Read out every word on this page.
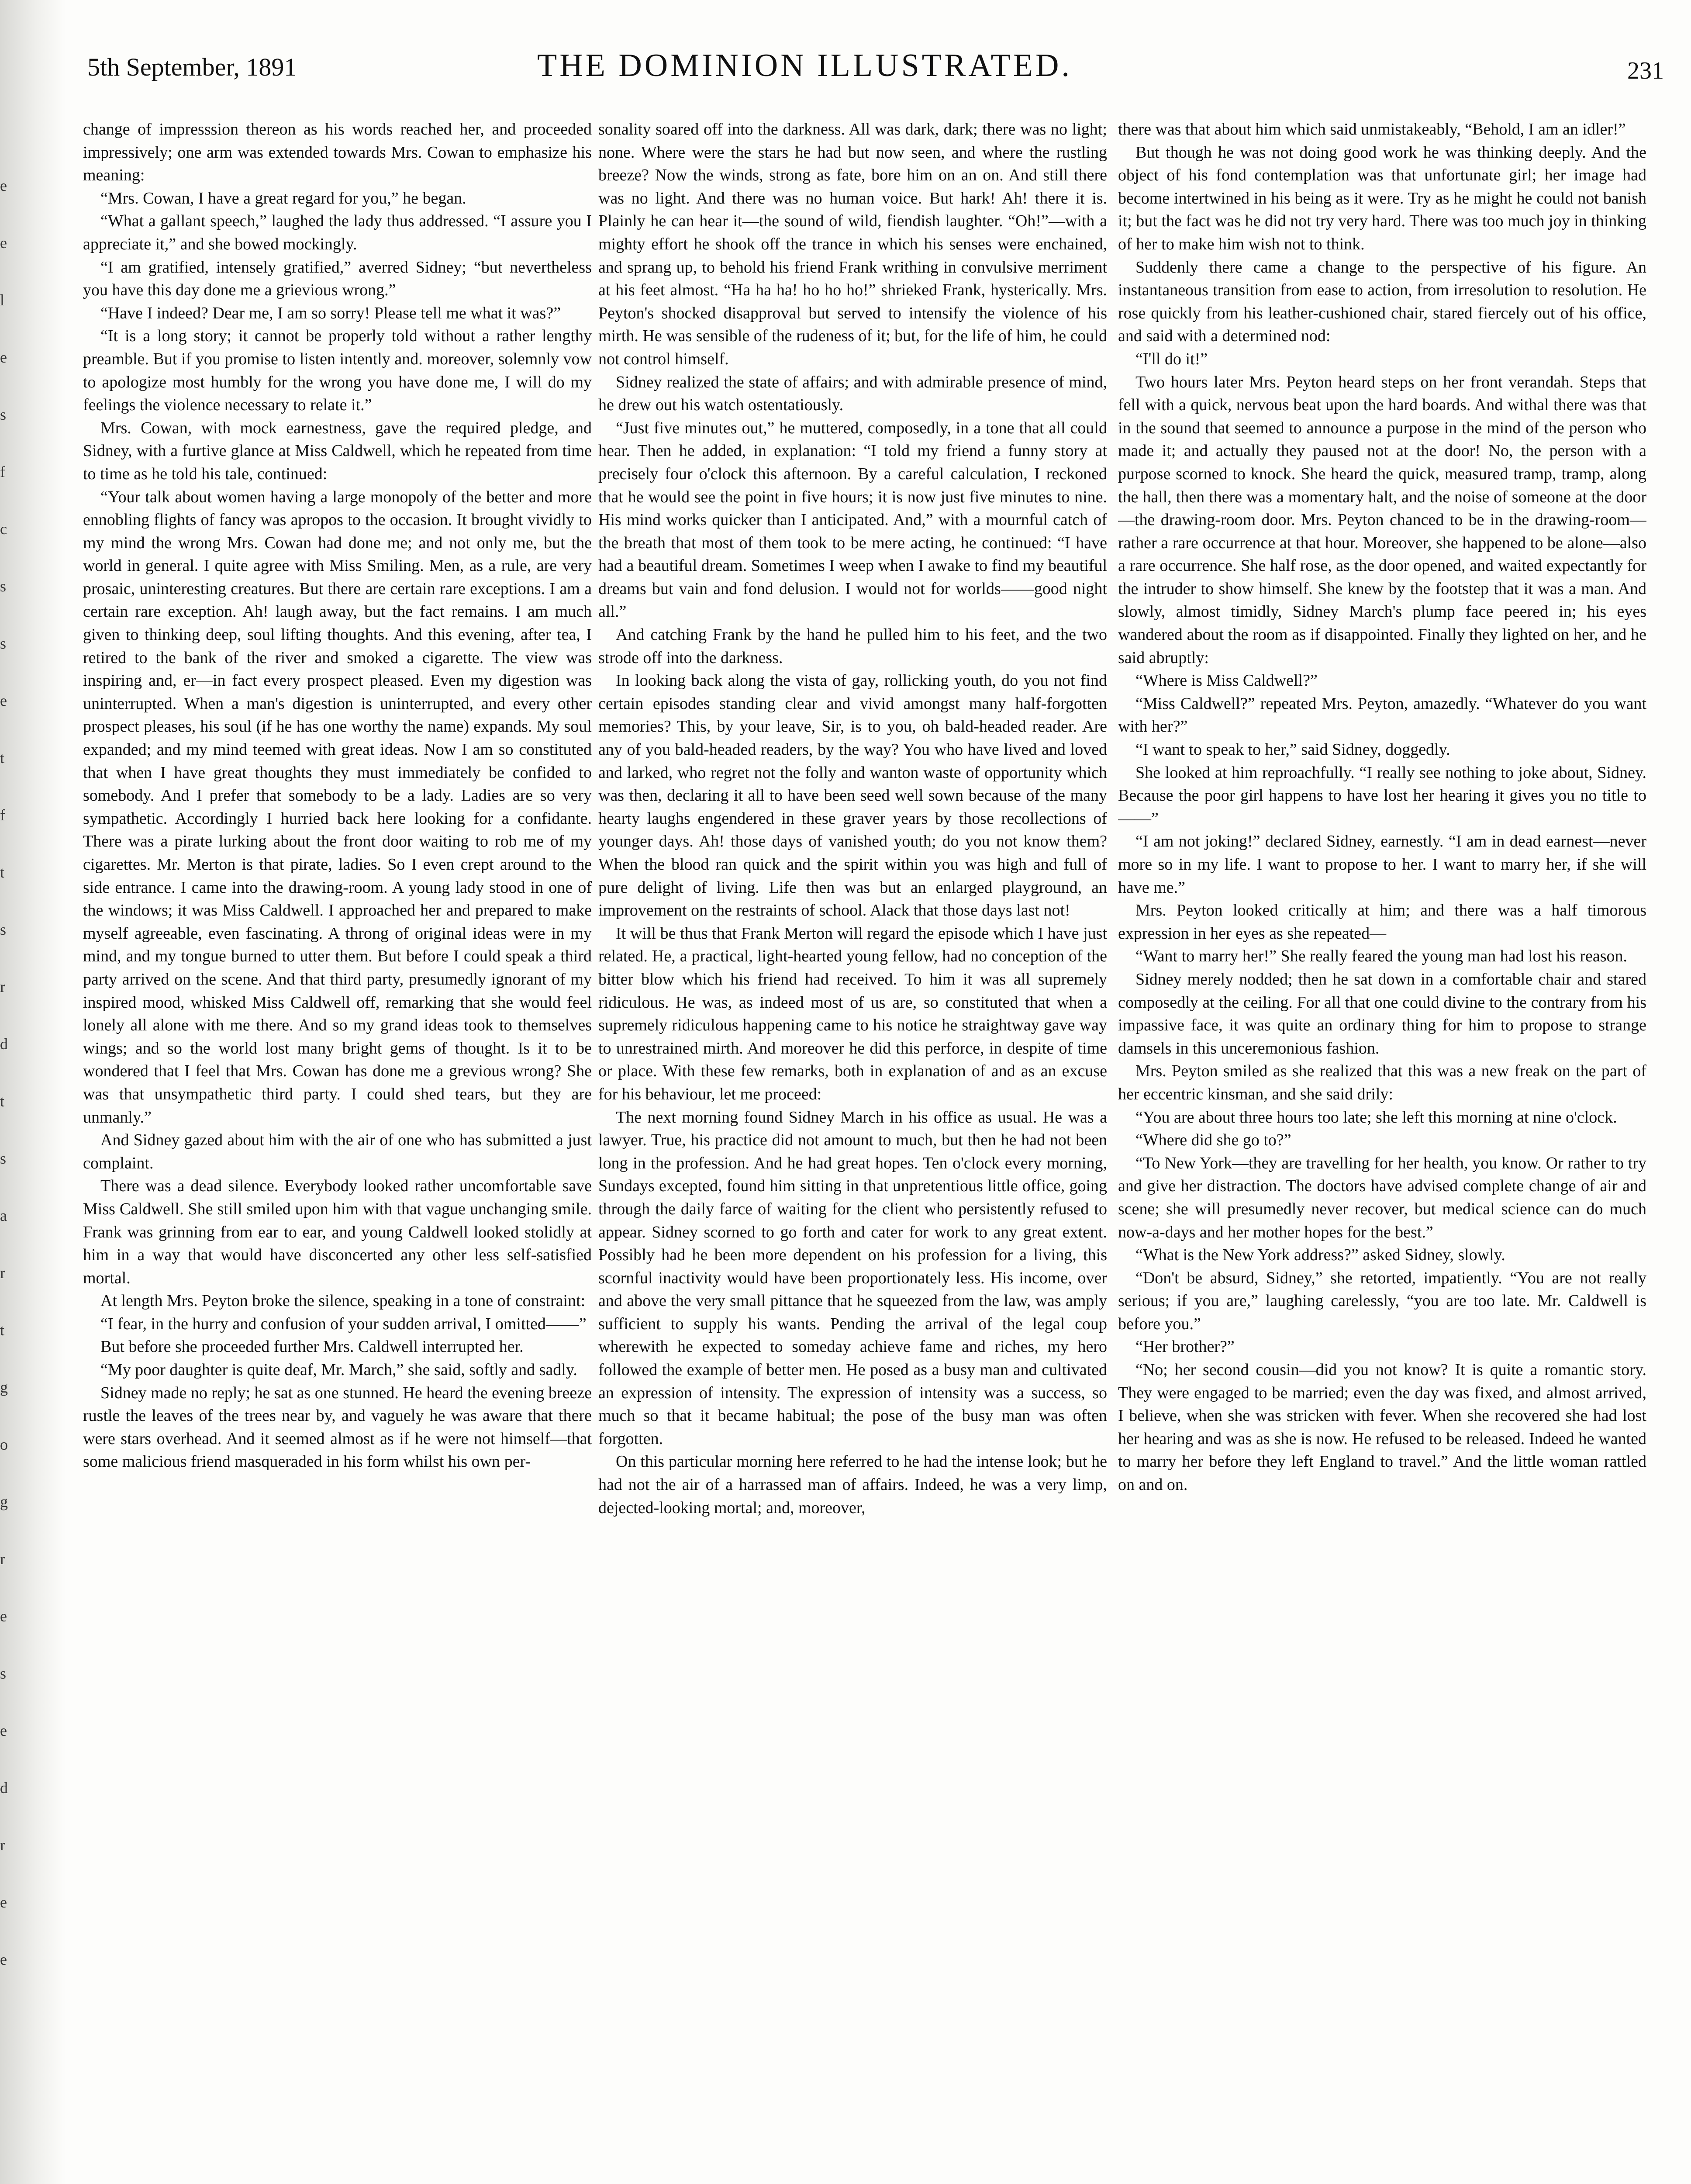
e
e
l
e
s
f
c
s
s
e
t
f
t
s
r
d
t
s
a
r
t
g
o
g
r
e
s
e
d
r
e
e
5th September, 1891	THE DOMINION ILLUSTRATED.	231

change of impresssion thereon as his words reached her, and proceeded impressively; one arm was extended towards Mrs. Cowan to emphasize his meaning:

“Mrs. Cowan, I have a great regard for you,” he began.

“What a gallant speech,” laughed the lady thus addressed. “I assure you I appreciate it,” and she bowed mockingly.

“I am gratified, intensely gratified,” averred Sidney; “but nevertheless you have this day done me a grievious wrong.”

“Have I indeed? Dear me, I am so sorry! Please tell me what it was?”

“It is a long story; it cannot be properly told without a rather lengthy preamble. But if you promise to listen intently and. moreover, solemnly vow to apologize most humbly for the wrong you have done me, I will do my feelings the violence necessary to relate it.”

Mrs. Cowan, with mock earnestness, gave the required pledge, and Sidney, with a furtive glance at Miss Caldwell, which he repeated from time to time as he told his tale, continued:

“Your talk about women having a large monopoly of the better and more ennobling flights of fancy was apropos to the occasion. It brought vividly to my mind the wrong Mrs. Cowan had done me; and not only me, but the world in general. I quite agree with Miss Smiling. Men, as a rule, are very prosaic, uninteresting creatures. But there are certain rare exceptions. I am a certain rare exception. Ah! laugh away, but the fact remains. I am much given to thinking deep, soul lifting thoughts. And this evening, after tea, I retired to the bank of the river and smoked a cigarette. The view was inspiring and, er—in fact every prospect pleased. Even my digestion was uninterrupted. When a man's digestion is uninterrupted, and every other prospect pleases, his soul (if he has one worthy the name) expands. My soul expanded; and my mind teemed with great ideas. Now I am so constituted that when I have great thoughts they must immediately be confided to somebody. And I prefer that somebody to be a lady. Ladies are so very sympathetic. Accordingly I hurried back here looking for a confidante. There was a pirate lurking about the front door waiting to rob me of my cigarettes. Mr. Merton is that pirate, ladies. So I even crept around to the side entrance. I came into the drawing-room. A young lady stood in one of the windows; it was Miss Caldwell. I approached her and prepared to make myself agreeable, even fascinating. A throng of original ideas were in my mind, and my tongue burned to utter them. But before I could speak a third party arrived on the scene. And that third party, presumedly ignorant of my inspired mood, whisked Miss Caldwell off, remarking that she would feel lonely all alone with me there. And so my grand ideas took to themselves wings; and so the world lost many bright gems of thought. Is it to be wondered that I feel that Mrs. Cowan has done me a grevious wrong? She was that unsympathetic third party. I could shed tears, but they are unmanly.”

And Sidney gazed about him with the air of one who has submitted a just complaint.

There was a dead silence. Everybody looked rather uncomfortable save Miss Caldwell. She still smiled upon him with that vague unchanging smile. Frank was grinning from ear to ear, and young Caldwell looked stolidly at him in a way that would have disconcerted any other less self-satisfied mortal.

At length Mrs. Peyton broke the silence, speaking in a tone of constraint:

“I fear, in the hurry and confusion of your sudden arrival, I omitted——”

But before she proceeded further Mrs. Caldwell interrupted her.

“My poor daughter is quite deaf, Mr. March,” she said, softly and sadly.

Sidney made no reply; he sat as one stunned. He heard the evening breeze rustle the leaves of the trees near by, and vaguely he was aware that there were stars overhead. And it seemed almost as if he were not himself—that some malicious friend masqueraded in his form whilst his own per-

sonality soared off into the darkness. All was dark, dark; there was no light; none. Where were the stars he had but now seen, and where the rustling breeze? Now the winds, strong as fate, bore him on an on. And still there was no light. And there was no human voice. But hark! Ah! there it is. Plainly he can hear it—the sound of wild, fiendish laughter. “Oh!”—with a mighty effort he shook off the trance in which his senses were enchained, and sprang up, to behold his friend Frank writhing in convulsive merriment at his feet almost. “Ha ha ha! ho ho ho!” shrieked Frank, hysterically. Mrs. Peyton's shocked disapproval but served to intensify the violence of his mirth. He was sensible of the rudeness of it; but, for the life of him, he could not control himself.

Sidney realized the state of affairs; and with admirable presence of mind, he drew out his watch ostentatiously.

“Just five minutes out,” he muttered, composedly, in a tone that all could hear. Then he added, in explanation: “I told my friend a funny story at precisely four o'clock this afternoon. By a careful calculation, I reckoned that he would see the point in five hours; it is now just five minutes to nine. His mind works quicker than I anticipated. And,” with a mournful catch of the breath that most of them took to be mere acting, he continued: “I have had a beautiful dream. Sometimes I weep when I awake to find my beautiful dreams but vain and fond delusion. I would not for worlds——good night all.”

And catching Frank by the hand he pulled him to his feet, and the two strode off into the darkness.

In looking back along the vista of gay, rollicking youth, do you not find certain episodes standing clear and vivid amongst many half-forgotten memories? This, by your leave, Sir, is to you, oh bald-headed reader. Are any of you bald-headed readers, by the way? You who have lived and loved and larked, who regret not the folly and wanton waste of opportunity which was then, declaring it all to have been seed well sown because of the many hearty laughs engendered in these graver years by those recollections of younger days. Ah! those days of vanished youth; do you not know them? When the blood ran quick and the spirit within you was high and full of pure delight of living. Life then was but an enlarged playground, an improvement on the restraints of school. Alack that those days last not!

It will be thus that Frank Merton will regard the episode which I have just related. He, a practical, light-hearted young fellow, had no conception of the bitter blow which his friend had received. To him it was all supremely ridiculous. He was, as indeed most of us are, so constituted that when a supremely ridiculous happening came to his notice he straightway gave way to unrestrained mirth. And moreover he did this perforce, in despite of time or place. With these few remarks, both in explanation of and as an excuse for his behaviour, let me proceed:

The next morning found Sidney March in his office as usual. He was a lawyer. True, his practice did not amount to much, but then he had not been long in the profession. And he had great hopes. Ten o'clock every morning, Sundays excepted, found him sitting in that unpretentious little office, going through the daily farce of waiting for the client who persistently refused to appear. Sidney scorned to go forth and cater for work to any great extent. Possibly had he been more dependent on his profession for a living, this scornful inactivity would have been proportionately less. His income, over and above the very small pittance that he squeezed from the law, was amply sufficient to supply his wants. Pending the arrival of the legal coup wherewith he expected to someday achieve fame and riches, my hero followed the example of better men. He posed as a busy man and cultivated an expression of intensity. The expression of intensity was a success, so much so that it became habitual; the pose of the busy man was often forgotten.

On this particular morning here referred to he had the intense look; but he had not the air of a harrassed man of affairs. Indeed, he was a very limp, dejected-looking mortal; and, moreover,

there was that about him which said unmistakeably, “Behold, I am an idler!”

But though he was not doing good work he was thinking deeply. And the object of his fond contemplation was that unfortunate girl; her image had become intertwined in his being as it were. Try as he might he could not banish it; but the fact was he did not try very hard. There was too much joy in thinking of her to make him wish not to think.

Suddenly there came a change to the perspective of his figure. An instantaneous transition from ease to action, from irresolution to resolution. He rose quickly from his leather-cushioned chair, stared fiercely out of his office, and said with a determined nod:

“I'll do it!”

Two hours later Mrs. Peyton heard steps on her front verandah. Steps that fell with a quick, nervous beat upon the hard boards. And withal there was that in the sound that seemed to announce a purpose in the mind of the person who made it; and actually they paused not at the door! No, the person with a purpose scorned to knock. She heard the quick, measured tramp, tramp, along the hall, then there was a momentary halt, and the noise of someone at the door—the drawing-room door. Mrs. Peyton chanced to be in the drawing-room—rather a rare occurrence at that hour. Moreover, she happened to be alone—also a rare occurrence. She half rose, as the door opened, and waited expectantly for the intruder to show himself. She knew by the footstep that it was a man. And slowly, almost timidly, Sidney March's plump face peered in; his eyes wandered about the room as if disappointed. Finally they lighted on her, and he said abruptly:

“Where is Miss Caldwell?”

“Miss Caldwell?” repeated Mrs. Peyton, amazedly. “Whatever do you want with her?”

“I want to speak to her,” said Sidney, doggedly.

She looked at him reproachfully. “I really see nothing to joke about, Sidney. Because the poor girl happens to have lost her hearing it gives you no title to——”

“I am not joking!” declared Sidney, earnestly. “I am in dead earnest—never more so in my life. I want to propose to her. I want to marry her, if she will have me.”

Mrs. Peyton looked critically at him; and there was a half timorous expression in her eyes as she repeated—

“Want to marry her!” She really feared the young man had lost his reason.

Sidney merely nodded; then he sat down in a comfortable chair and stared composedly at the ceiling. For all that one could divine to the contrary from his impassive face, it was quite an ordinary thing for him to propose to strange damsels in this unceremonious fashion.

Mrs. Peyton smiled as she realized that this was a new freak on the part of her eccentric kinsman, and she said drily:

“You are about three hours too late; she left this morning at nine o'clock.

“Where did she go to?”

“To New York—they are travelling for her health, you know. Or rather to try and give her distraction. The doctors have advised complete change of air and scene; she will presumedly never recover, but medical science can do much now-a-days and her mother hopes for the best.”

“What is the New York address?” asked Sidney, slowly.

“Don't be absurd, Sidney,” she retorted, impatiently. “You are not really serious; if you are,” laughing carelessly, “you are too late. Mr. Caldwell is before you.”

“Her brother?”

“No; her second cousin—did you not know? It is quite a romantic story. They were engaged to be married; even the day was fixed, and almost arrived, I believe, when she was stricken with fever. When she recovered she had lost her hearing and was as she is now. He refused to be released. Indeed he wanted to marry her before they left England to travel.” And the little woman rattled on and on.
